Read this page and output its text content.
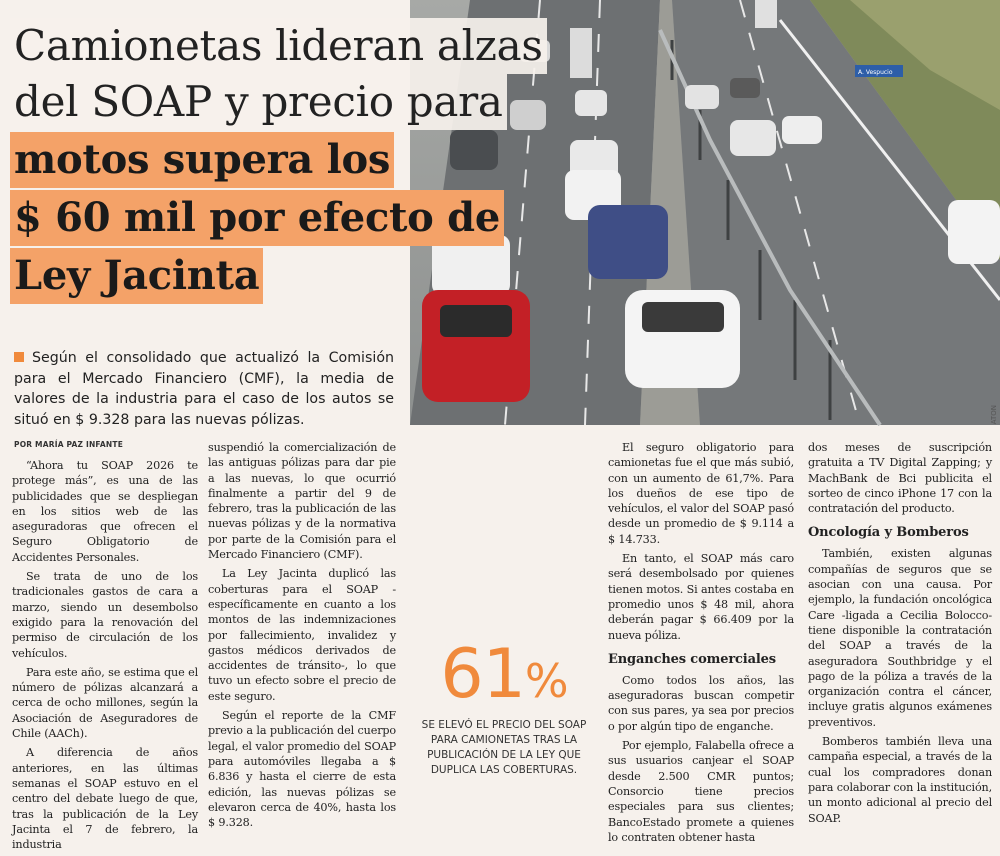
A. Vespucio
ATON
Camionetas lideran alzas
del SOAP y precio para
motos supera los
$ 60 mil por efecto de
Ley Jacinta
Según el consolidado que actualizó la Comisión para el Mercado Financiero (CMF), la media de valores de la industria para el caso de los autos se situó en $ 9.328 para las nuevas pólizas.
POR MARÍA PAZ INFANTE

“Ahora tu SOAP 2026 te protege más”, es una de las publicidades que se despliegan en los sitios web de las aseguradoras que ofrecen el Seguro Obligatorio de Accidentes Personales.

Se trata de uno de los tradicionales gastos de cara a marzo, siendo un desembolso exigido para la renovación del permiso de circulación de los vehículos.

Para este año, se estima que el número de pólizas alcanzará a cerca de ocho millones, según la Asociación de Aseguradores de Chile (AACh).

A diferencia de años anteriores, en las últimas semanas el SOAP estuvo en el centro del debate luego de que, tras la publicación de la Ley Jacinta el 7 de febrero, la industria

suspendió la comercialización de las antiguas pólizas para dar pie a las nuevas, lo que ocurrió finalmente a partir del 9 de febrero, tras la publicación de las nuevas pólizas y de la normativa por parte de la Comisión para el Mercado Financiero (CMF).

La Ley Jacinta duplicó las coberturas para el SOAP -específicamente en cuanto a los montos de las indemnizaciones por fallecimiento, invalidez y gastos médicos derivados de accidentes de tránsito-, lo que tuvo un efecto sobre el precio de este seguro.

Según el reporte de la CMF previo a la publicación del cuerpo legal, el valor promedio del SOAP para automóviles llegaba a $ 6.836 y hasta el cierre de esta edición, las nuevas pólizas se elevaron cerca de 40%, hasta los $ 9.328.

61%
SE ELEVÓ EL PRECIO DEL SOAP PARA CAMIONETAS TRAS LA PUBLICACIÓN DE LA LEY QUE DUPLICA LAS COBERTURAS.

El seguro obligatorio para camionetas fue el que más subió, con un aumento de 61,7%. Para los dueños de ese tipo de vehículos, el valor del SOAP pasó desde un promedio de $ 9.114 a $ 14.733.

En tanto, el SOAP más caro será desembolsado por quienes tienen motos. Si antes costaba en promedio unos $ 48 mil, ahora deberán pagar $ 66.409 por la nueva póliza.

Enganches comerciales

Como todos los años, las aseguradoras buscan competir con sus pares, ya sea por precios o por algún tipo de enganche.

Por ejemplo, Falabella ofrece a sus usuarios canjear el SOAP desde 2.500 CMR puntos; Consorcio tiene precios especiales para sus clientes; BancoEstado promete a quienes lo contraten obtener hasta

dos meses de suscripción gratuita a TV Digital Zapping; y MachBank de Bci publicita el sorteo de cinco iPhone 17 con la contratación del producto.

Oncología y Bomberos

También, existen algunas compañías de seguros que se asocian con una causa. Por ejemplo, la fundación oncológica Care -ligada a Cecilia Bolocco- tiene disponible la contratación del SOAP a través de la aseguradora Southbridge y el pago de la póliza a través de la organización contra el cáncer, incluye gratis algunos exámenes preventivos.

Bomberos también lleva una campaña especial, a través de la cual los compradores donan para colaborar con la institución, un monto adicional al precio del SOAP.
